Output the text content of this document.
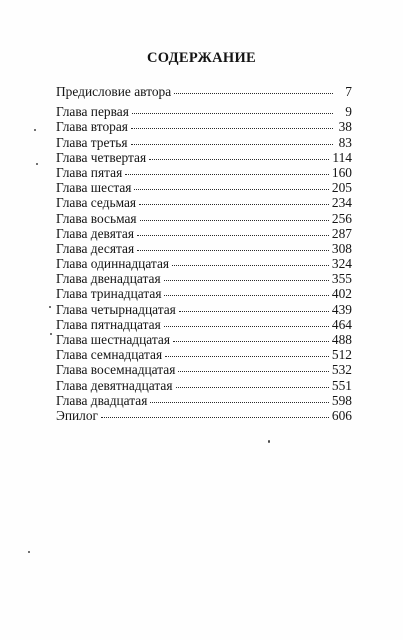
СОДЕРЖАНИЕ
Предисловие автора	7
Глава первая	9
Глава вторая	38
Глава третья	83
Глава четвертая	114
Глава пятая	160
Глава шестая	205
Глава седьмая	234
Глава восьмая	256
Глава девятая	287
Глава десятая	308
Глава одиннадцатая	324
Глава двенадцатая	355
Глава тринадцатая	402
Глава четырнадцатая	439
Глава пятнадцатая	464
Глава шестнадцатая	488
Глава семнадцатая	512
Глава восемнадцатая	532
Глава девятнадцатая	551
Глава двадцатая	598
Эпилог	606
